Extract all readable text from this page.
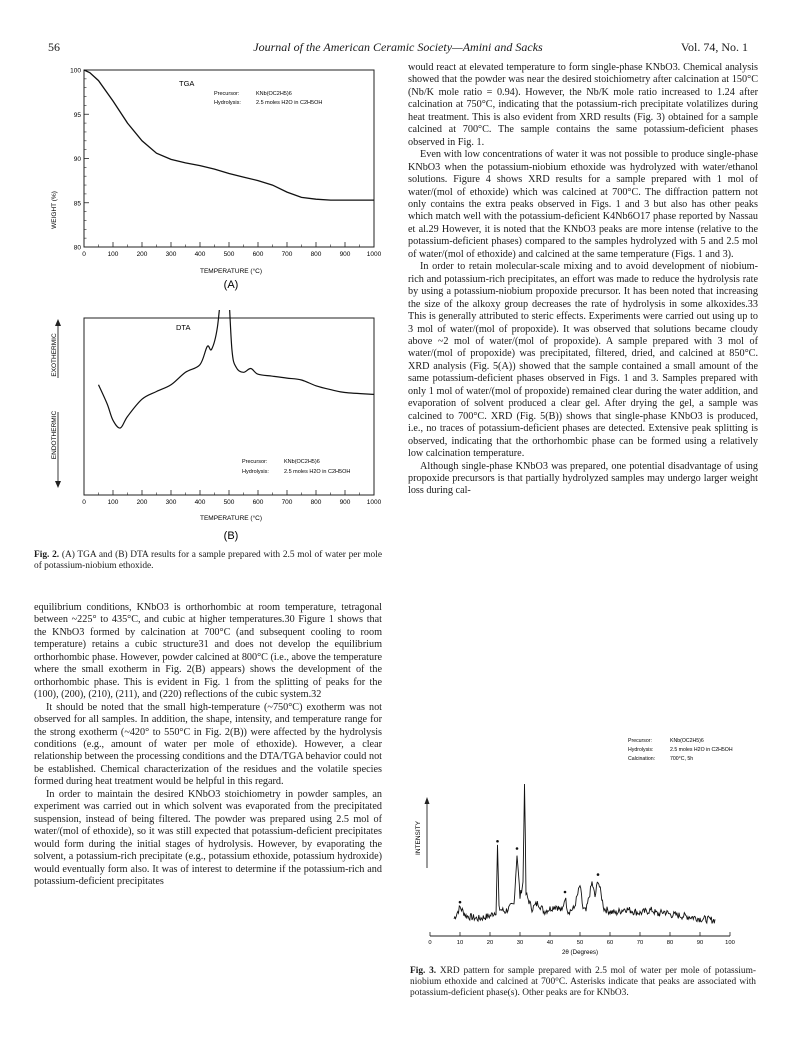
56	Journal of the American Ceramic Society—Amini and Sacks	Vol. 74, No. 1
100
95
90
85
80
0	100	200	300	400	500	600	700	800	900	1000
TGA
Precursor:	KNb(OC2H5)6
Hydrolysis:	2.5 moles H2O in C2H5OH
WEIGHT (%)
TEMPERATURE (°C)
(A)
0	100	200	300	400	500	600	700	800	900	1000
DTA
Precursor:	KNb(OC2H5)6
Hydrolysis:	2.5 moles H2O in C2H5OH
EXOTHERMIC
ENDOTHERMIC
TEMPERATURE (°C)
(B)
Fig. 2. (A) TGA and (B) DTA results for a sample prepared with 2.5 mol of water per mole of potassium-niobium ethoxide.

equilibrium conditions, KNbO3 is orthorhombic at room temperature, tetragonal between ~225° to 435°C, and cubic at higher temperatures.30 Figure 1 shows that the KNbO3 formed by calcination at 700°C (and subsequent cooling to room temperature) retains a cubic structure31 and does not develop the equilibrium orthorhombic phase. However, powder calcined at 800°C (i.e., above the temperature where the small exotherm in Fig. 2(B) appears) shows the development of the orthorhombic phase. This is evident in Fig. 1 from the splitting of peaks for the (100), (200), (210), (211), and (220) reflections of the cubic system.32

It should be noted that the small high-temperature (~750°C) exotherm was not observed for all samples. In addition, the shape, intensity, and temperature range for the strong exotherm (~420° to 550°C in Fig. 2(B)) were affected by the hydrolysis conditions (e.g., amount of water per mole of ethoxide). However, a clear relationship between the processing conditions and the DTA/TGA behavior could not be established. Chemical characterization of the residues and the volatile species formed during heat treatment would be helpful in this regard.

In order to maintain the desired KNbO3 stoichiometry in powder samples, an experiment was carried out in which solvent was evaporated from the precipitated suspension, instead of being filtered. The powder was prepared using 2.5 mol of water/(mol of ethoxide), so it was still expected that potassium-deficient precipitates would form during the initial stages of hydrolysis. However, by evaporating the solvent, a potassium-rich precipitate (e.g., potassium ethoxide, potassium hydroxide) would eventually form also. It was of interest to determine if the potassium-rich and potassium-deficient precipitates

would react at elevated temperature to form single-phase KNbO3. Chemical analysis showed that the powder was near the desired stoichiometry after calcination at 150°C (Nb/K mole ratio = 0.94). However, the Nb/K mole ratio increased to 1.24 after calcination at 750°C, indicating that the potassium-rich precipitate volatilizes during heat treatment. This is also evident from XRD results (Fig. 3) obtained for a sample calcined at 700°C. The sample contains the same potassium-deficient phases observed in Fig. 1.

Even with low concentrations of water it was not possible to produce single-phase KNbO3 when the potassium-niobium ethoxide was hydrolyzed with water/ethanol solutions. Figure 4 shows XRD results for a sample prepared with 1 mol of water/(mol of ethoxide) which was calcined at 700°C. The diffraction pattern not only contains the extra peaks observed in Figs. 1 and 3 but also has other peaks which match well with the potassium-deficient K4Nb6O17 phase reported by Nassau et al.29 However, it is noted that the KNbO3 peaks are more intense (relative to the potassium-deficient phases) compared to the samples hydrolyzed with 5 and 2.5 mol of water/(mol of ethoxide) and calcined at the same temperature (Figs. 1 and 3).

In order to retain molecular-scale mixing and to avoid development of niobium-rich and potassium-rich precipitates, an effort was made to reduce the hydrolysis rate by using a potassium-niobium propoxide precursor. It has been noted that increasing the size of the alkoxy group decreases the rate of hydrolysis in some alkoxides.33 This is generally attributed to steric effects. Experiments were carried out using up to 3 mol of water/(mol of propoxide). It was observed that solutions became cloudy above ~2 mol of water/(mol of propoxide). A sample prepared with 3 mol of water/(mol of propoxide) was precipitated, filtered, dried, and calcined at 850°C. XRD analysis (Fig. 5(A)) showed that the sample contained a small amount of the same potassium-deficient phases observed in Figs. 1 and 3. Samples prepared with only 1 mol of water/(mol of propoxide) remained clear during the water addition, and evaporation of solvent produced a clear gel. After drying the gel, a sample was calcined to 700°C. XRD (Fig. 5(B)) shows that single-phase KNbO3 is produced, i.e., no traces of potassium-deficient phases are detected. Extensive peak splitting is observed, indicating that the orthorhombic phase can be formed using a relatively low calcination temperature.

Although single-phase KNbO3 was prepared, one potential disadvantage of using propoxide precursors is that partially hydrolyzed samples may undergo larger weight loss during cal-

0	10	20	30	40	50	60	70	80	90	100
Precursor:	KNb(OC2H5)6
Hydrolysis:	2.5 moles H2O in C2H5OH
Calcination:	700°C, 5h
INTENSITY
2θ (Degrees)
Fig. 3. XRD pattern for sample prepared with 2.5 mol of water per mole of potassium-niobium ethoxide and calcined at 700°C. Asterisks indicate that peaks are associated with potassium-deficient phase(s). Other peaks are for KNbO3.
